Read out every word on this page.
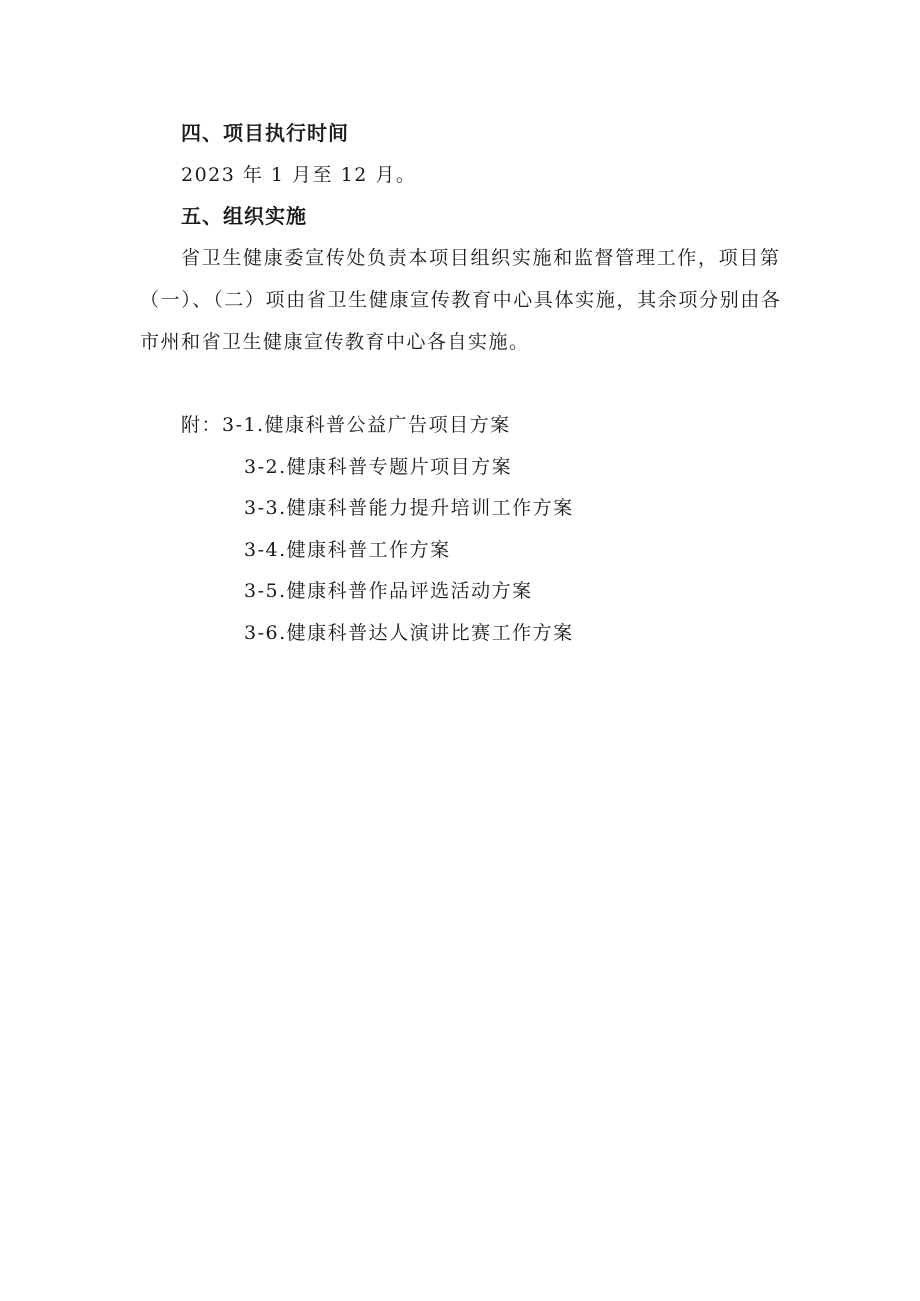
四、项目执行时间
2023 年 1 月至 12 月。
五、组织实施
省卫生健康委宣传处负责本项目组织实施和监督管理工作，项目第
（一）、（二）项由省卫生健康宣传教育中心具体实施，其余项分别由各
市州和省卫生健康宣传教育中心各自实施。
附：3-1.健康科普公益广告项目方案
3-2.健康科普专题片项目方案
3-3.健康科普能力提升培训工作方案
3-4.健康科普工作方案
3-5.健康科普作品评选活动方案
3-6.健康科普达人演讲比赛工作方案
